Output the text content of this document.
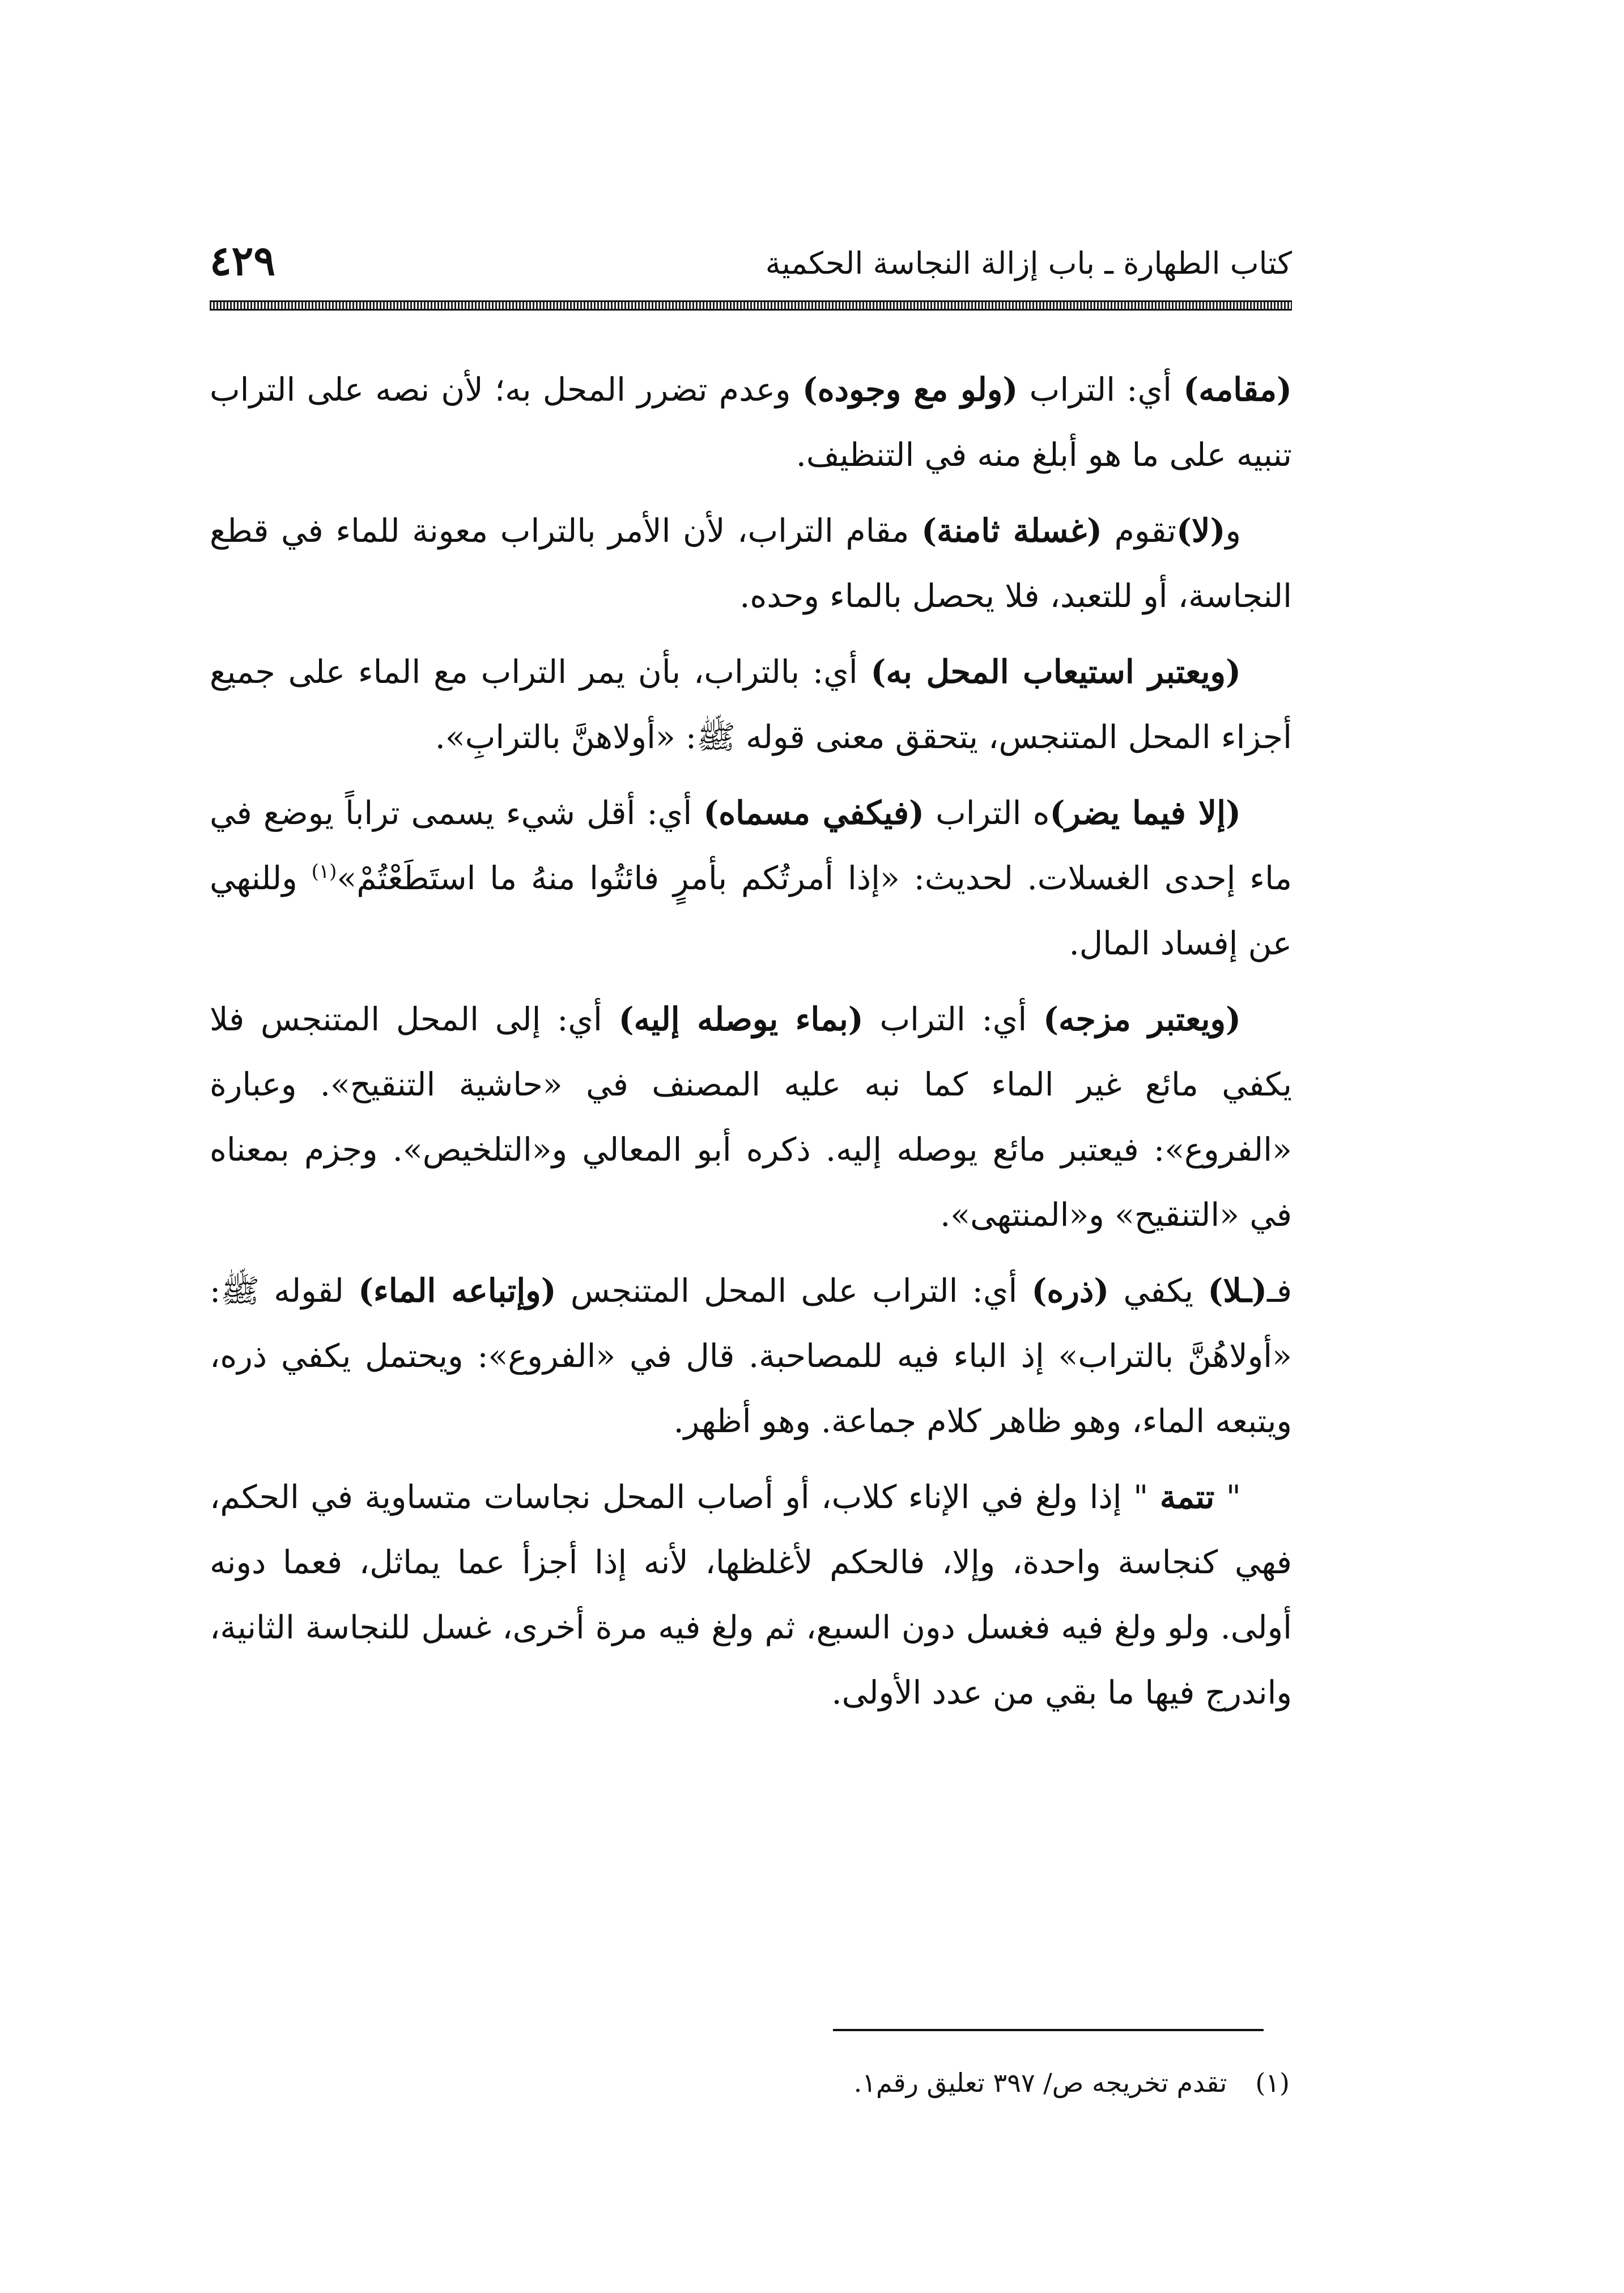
كتاب الطهارة ـ باب إزالة النجاسة الحكمية
٤٢٩

(مقامه) أي: التراب (ولو مع وجوده) وعدم تضرر المحل به؛ لأن نصه على التراب تنبيه على ما هو أبلغ منه في التنظيف.

و(لا)تقوم (غسلة ثامنة) مقام التراب، لأن الأمر بالتراب معونة للماء في قطع النجاسة، أو للتعبد، فلا يحصل بالماء وحده.

(ويعتبر استيعاب المحل به) أي: بالتراب، بأن يمر التراب مع الماء على جميع أجزاء المحل المتنجس، يتحقق معنى قوله ﷺ: «أولاهنَّ بالترابِ».

(إلا فيما يضر)ه التراب (فيكفي مسماه) أي: أقل شيء يسمى تراباً يوضع في ماء إحدى الغسلات. لحديث: «إذا أمرتُكم بأمرٍ فائتُوا منهُ ما استَطَعْتُمْ»$^{(١)}$ وللنهي عن إفساد المال.

(ويعتبر مزجه) أي: التراب (بماء يوصله إليه) أي: إلى المحل المتنجس فلا يكفي مائع غير الماء كما نبه عليه المصنف في «حاشية التنقيح». وعبارة «الفروع»: فيعتبر مائع يوصله إليه. ذكره أبو المعالي و«التلخيص». وجزم بمعناه في «التنقيح» و«المنتهى».

فـ(ـلا) يكفي (ذره) أي: التراب على المحل المتنجس (وإتباعه الماء) لقوله ﷺ: «أولاهُنَّ بالتراب» إذ الباء فيه للمصاحبة. قال في «الفروع»: ويحتمل يكفي ذره، ويتبعه الماء، وهو ظاهر كلام جماعة. وهو أظهر.

" تتمة " إذا ولغ في الإناء كلاب، أو أصاب المحل نجاسات متساوية في الحكم، فهي كنجاسة واحدة، وإلا، فالحكم لأغلظها، لأنه إذا أجزأ عما يماثل، فعما دونه أولى. ولو ولغ فيه فغسل دون السبع، ثم ولغ فيه مرة أخرى، غسل للنجاسة الثانية، واندرج فيها ما بقي من عدد الأولى.

(١)تقدم تخريجه ص/ ٣٩٧ تعليق رقم١.
